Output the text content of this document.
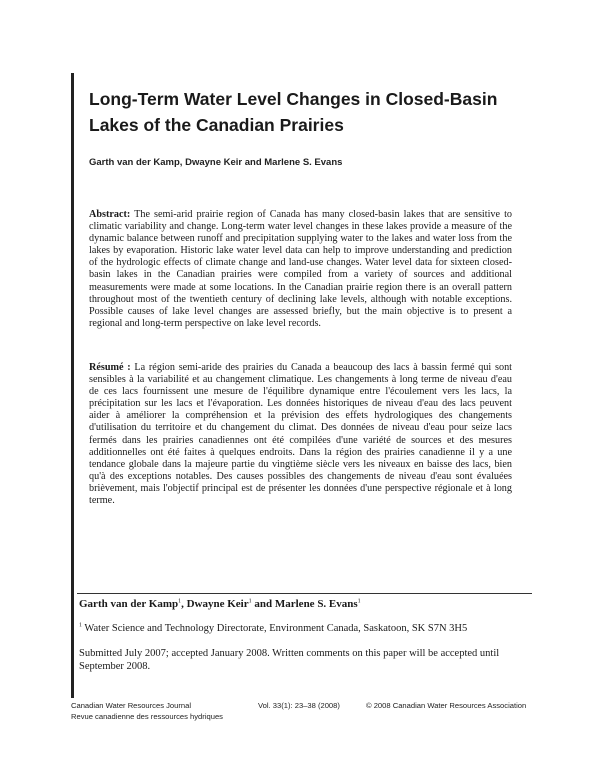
Long-Term Water Level Changes in Closed-Basin Lakes of the Canadian Prairies
Garth van der Kamp, Dwayne Keir and Marlene S. Evans

Abstract: The semi-arid prairie region of Canada has many closed-basin lakes that are sensitive to climatic variability and change. Long-term water level changes in these lakes provide a measure of the dynamic balance between runoff and precipitation supplying water to the lakes and water loss from the lakes by evaporation. Historic lake water level data can help to improve understanding and prediction of the hydrologic effects of climate change and land-use changes. Water level data for sixteen closed-basin lakes in the Canadian prairies were compiled from a variety of sources and additional measurements were made at some locations. In the Canadian prairie region there is an overall pattern throughout most of the twentieth century of declining lake levels, although with notable exceptions. Possible causes of lake level changes are assessed briefly, but the main objective is to present a regional and long-term perspective on lake level records.

Résumé : La région semi-aride des prairies du Canada a beaucoup des lacs à bassin fermé qui sont sensibles à la variabilité et au changement climatique. Les changements à long terme de niveau d'eau de ces lacs fournissent une mesure de l'équilibre dynamique entre l'écoulement vers les lacs, la précipitation sur les lacs et l'évaporation. Les données historiques de niveau d'eau des lacs peuvent aider à améliorer la compréhension et la prévision des effets hydrologiques des changements d'utilisation du territoire et du changement du climat. Des données de niveau d'eau pour seize lacs fermés dans les prairies canadiennes ont été compilées d'une variété de sources et des mesures additionnelles ont été faites à quelques endroits. Dans la région des prairies canadienne il y a une tendance globale dans la majeure partie du vingtième siècle vers les niveaux en baisse des lacs, bien qu'à des exceptions notables. Des causes possibles des changements de niveau d'eau sont évaluées brièvement, mais l'objectif principal est de présenter les données d'une perspective régionale et à long terme.

Garth van der Kamp$^1$, Dwayne Keir$^1$ and Marlene S. Evans$^1$
$^1$ Water Science and Technology Directorate, Environment Canada, Saskatoon, SK S7N 3H5
Submitted July 2007; accepted January 2008. Written comments on this paper will be accepted until September 2008.
Canadian Water Resources Journal
Revue canadienne des ressources hydriques
Vol. 33(1): 23–38 (2008)	© 2008 Canadian Water Resources Association
